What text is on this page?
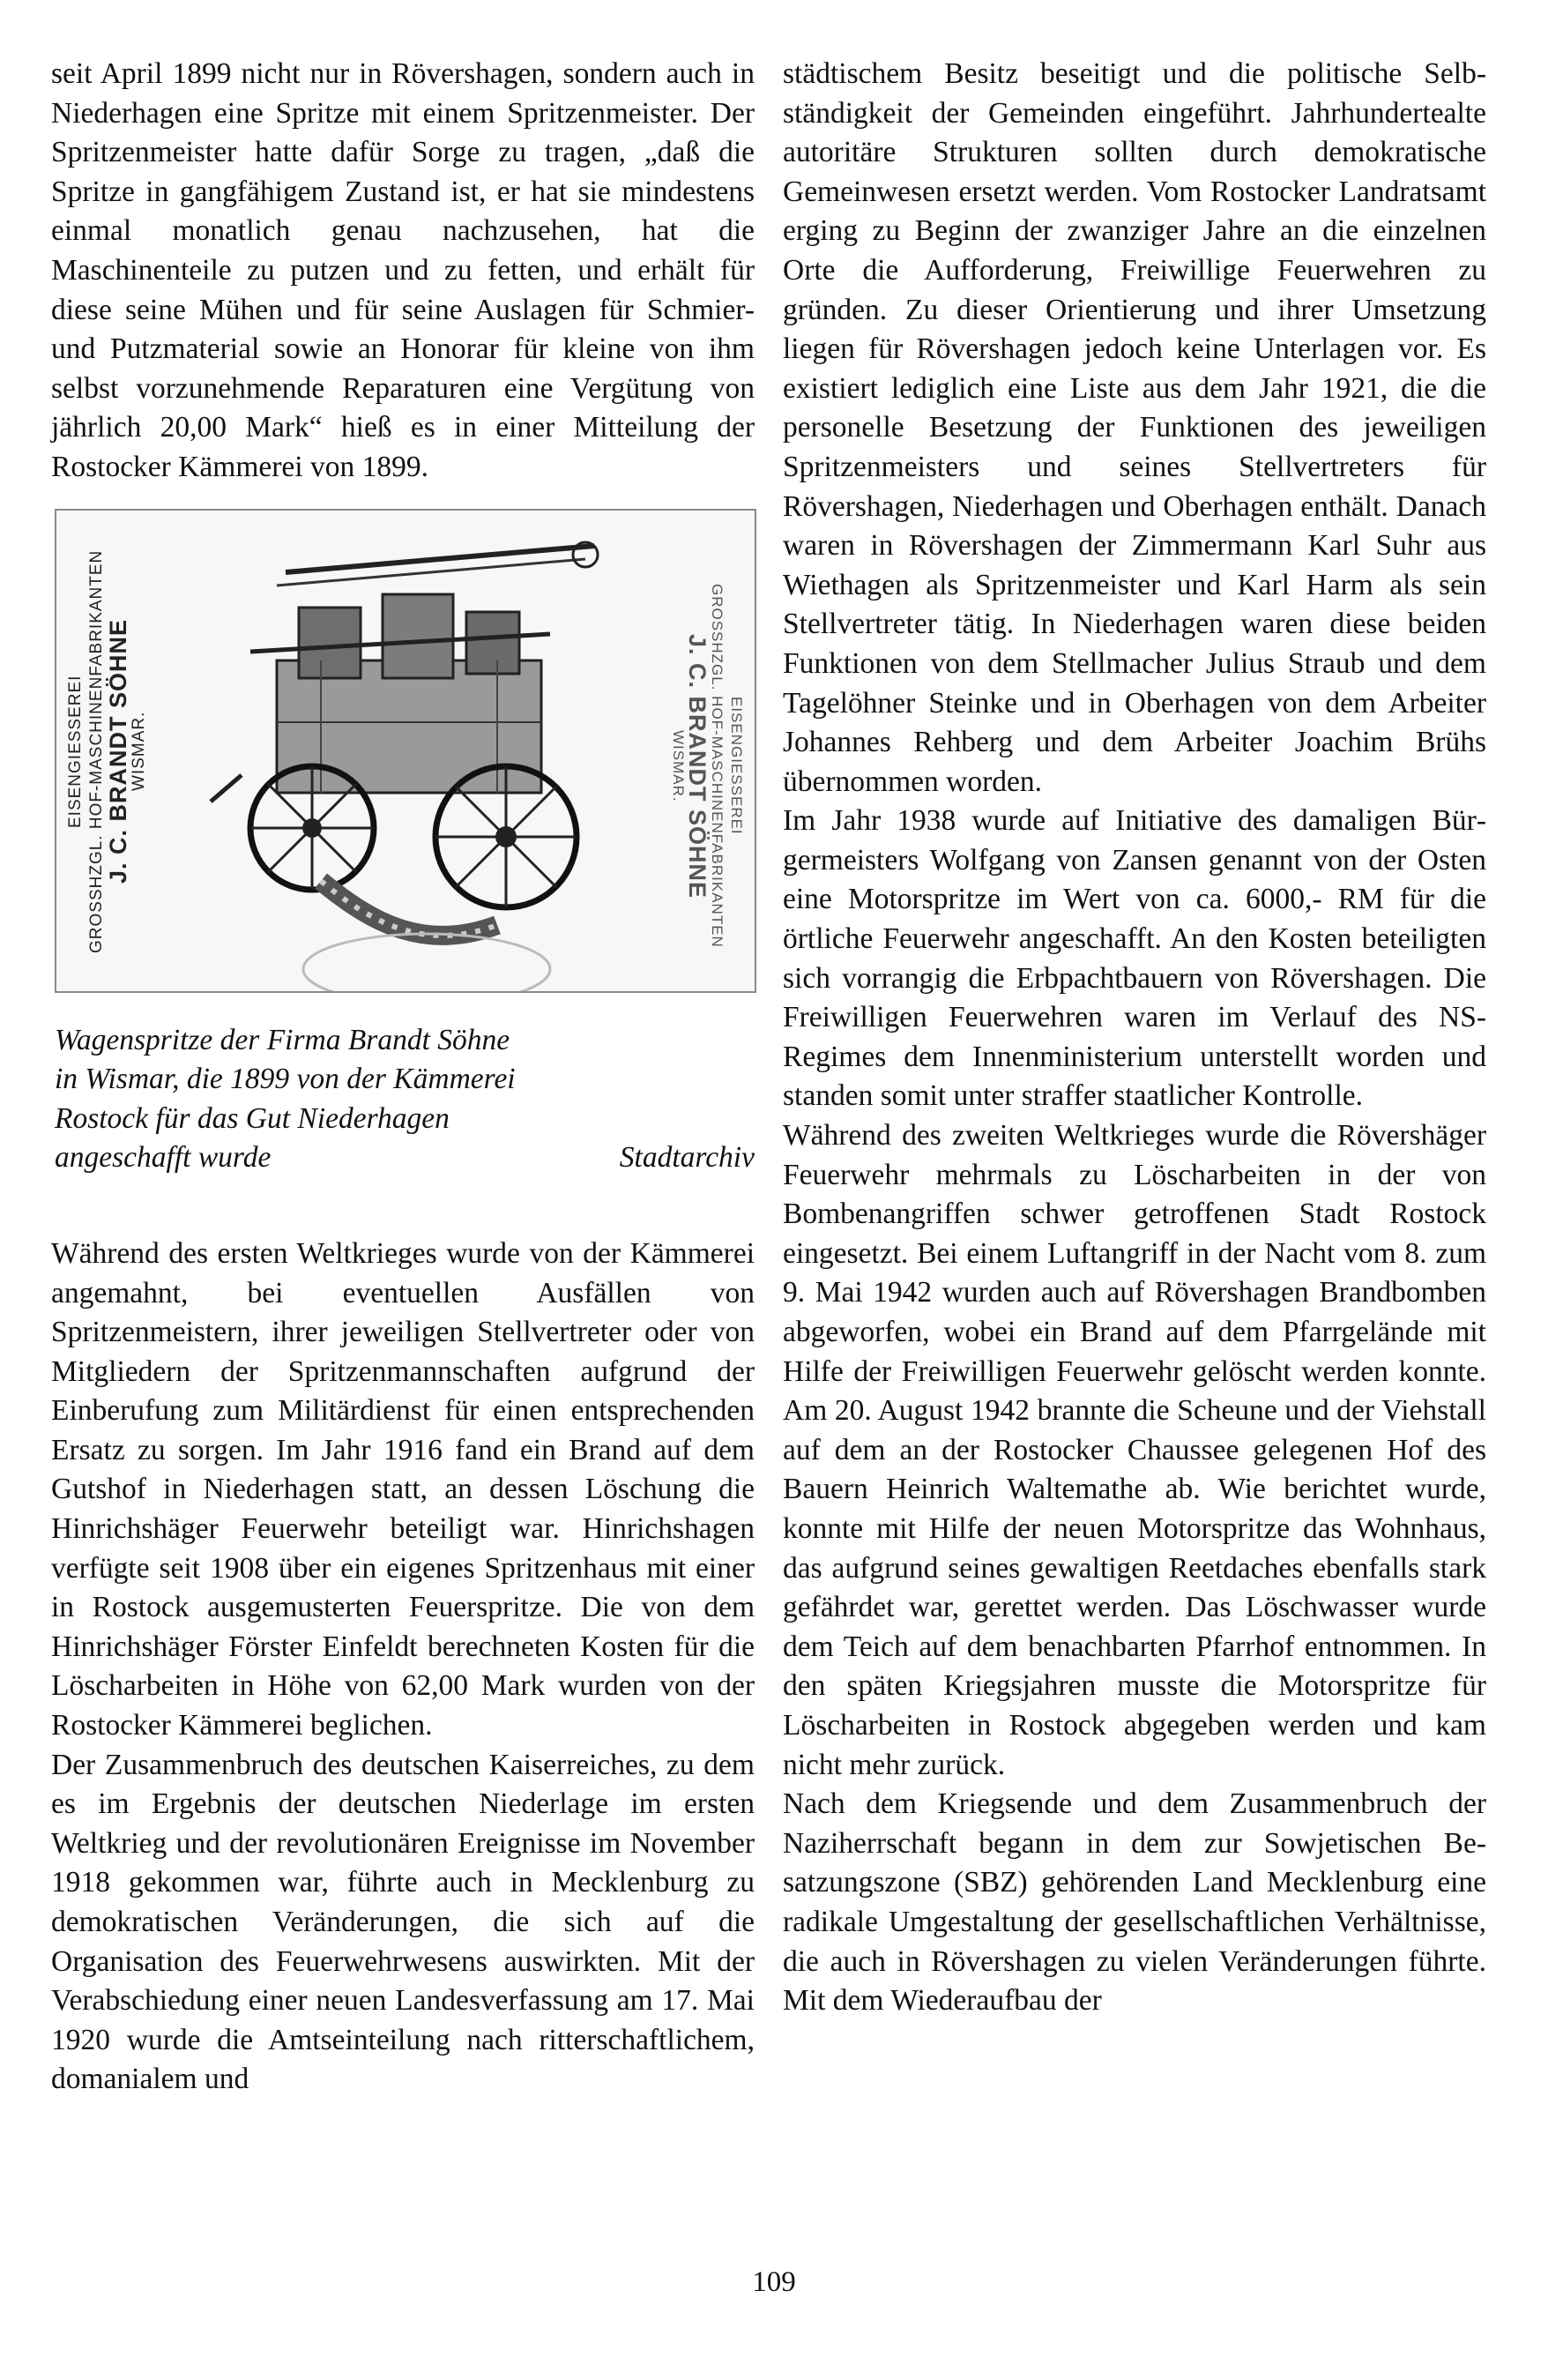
seit April 1899 nicht nur in Rövershagen, sondern auch in Niederhagen eine Spritze mit einem Spritzenmeister. Der Spritzenmeister hatte dafür Sorge zu tragen, „daß die Spritze in gangfähigem Zustand ist, er hat sie mindestens einmal monatlich genau nachzusehen, hat die Maschinenteile zu putzen und zu fetten, und erhält für diese seine Mühen und für seine Auslagen für Schmier- und Putzmaterial sowie an Honorar für kleine von ihm selbst vorzunehmende Reparaturen eine Vergütung von jährlich 20,00 Mark“ hieß es in einer Mitteilung der Rostocker Kämmerei von 1899.

EISENGIESSEREI GROSSHZGL. HOF-MASCHINENFABRIKANTEN J. C. BRANDT SÖHNE
WISMAR.	EISENGIESSEREI
GROSSHZGL. HOF-MASCHINENFABRIKANTEN
J. C. BRANDT SÖHNE
WISMAR.
Wagenspritze der Firma Brandt Söhne
in Wismar, die 1899 von der Kämmerei
Rostock für das Gut Niederhagen
angeschafft wurde	Stadtarchiv

Während des ersten Weltkrieges wurde von der Kämmerei angemahnt, bei eventuellen Ausfällen von Spritzenmeistern, ihrer jeweiligen Stellvertreter oder von Mitgliedern der Spritzenmannschaften aufgrund der Einberufung zum Militärdienst für einen entsprechenden Ersatz zu sorgen. Im Jahr 1916 fand ein Brand auf dem Gutshof in Niederhagen statt, an dessen Löschung die Hinrichshäger Feuerwehr beteiligt war. Hinrichshagen verfügte seit 1908 über ein eigenes Spritzenhaus mit einer in Rostock ausgemusterten Feuerspritze. Die von dem Hinrichshäger Förster Einfeldt berechneten Kosten für die Löscharbeiten in Höhe von 62,00 Mark wurden von der Rostocker Kämmerei beglichen.

Der Zusammenbruch des deutschen Kaiserreiches, zu dem es im Ergebnis der deutschen Niederlage im ersten Weltkrieg und der revolutionären Ereignisse im November 1918 gekommen war, führte auch in Mecklenburg zu demokratischen Veränderungen, die sich auf die Organisation des Feuerwehrwesens auswirkten. Mit der Verabschiedung einer neuen Landesverfassung am 17. Mai 1920 wurde die Amtseinteilung nach ritterschaftlichem, domanialem und

städtischem Besitz beseitigt und die politische Selbständigkeit der Gemeinden eingeführt. Jahrhundertealte autoritäre Strukturen sollten durch demokratische Gemeinwesen ersetzt werden. Vom Rostocker Landratsamt erging zu Beginn der zwanziger Jahre an die einzelnen Orte die Aufforderung, Freiwillige Feuerwehren zu gründen. Zu dieser Orientierung und ihrer Umsetzung liegen für Rövershagen jedoch keine Unterlagen vor. Es existiert lediglich eine Liste aus dem Jahr 1921, die die personelle Besetzung der Funktionen des jeweiligen Spritzenmeisters und seines Stellvertreters für Rövershagen, Niederhagen und Oberhagen enthält. Danach waren in Rövershagen der Zimmermann Karl Suhr aus Wiethagen als Spritzenmeister und Karl Harm als sein Stellvertreter tätig. In Niederhagen waren diese beiden Funktionen von dem Stellmacher Julius Straub und dem Tagelöhner Steinke und in Oberhagen von dem Arbeiter Johannes Rehberg und dem Arbeiter Joachim Brühs übernommen worden.

Im Jahr 1938 wurde auf Initiative des damaligen Bürgermeisters Wolfgang von Zansen genannt von der Osten eine Motorspritze im Wert von ca. 6000,- RM für die örtliche Feuerwehr angeschafft. An den Kosten beteiligten sich vorrangig die Erbpachtbauern von Rövershagen. Die Freiwilligen Feuerwehren waren im Verlauf des NS-Regimes dem Innenministerium unterstellt worden und standen somit unter straffer staatlicher Kontrolle.

Während des zweiten Weltkrieges wurde die Rövershäger Feuerwehr mehrmals zu Löscharbeiten in der von Bombenangriffen schwer getroffenen Stadt Rostock eingesetzt. Bei einem Luftangriff in der Nacht vom 8. zum 9. Mai 1942 wurden auch auf Rövershagen Brandbomben abgeworfen, wobei ein Brand auf dem Pfarrgelände mit Hilfe der Freiwilligen Feuerwehr gelöscht werden konnte. Am 20. August 1942 brannte die Scheune und der Viehstall auf dem an der Rostocker Chaussee gelegenen Hof des Bauern Heinrich Waltemathe ab. Wie berichtet wurde, konnte mit Hilfe der neuen Motorspritze das Wohnhaus, das aufgrund seines gewaltigen Reetdaches ebenfalls stark gefährdet war, gerettet werden. Das Löschwasser wurde dem Teich auf dem benachbarten Pfarrhof entnommen. In den späten Kriegsjahren musste die Motorspritze für Löscharbeiten in Rostock abgegeben werden und kam nicht mehr zurück.

Nach dem Kriegsende und dem Zusammenbruch der Naziherrschaft begann in dem zur Sowjetischen Besatzungszone (SBZ) gehörenden Land Mecklenburg eine radikale Umgestaltung der gesellschaftlichen Verhältnisse, die auch in Rövershagen zu vielen Veränderungen führte. Mit dem Wiederaufbau der

109
